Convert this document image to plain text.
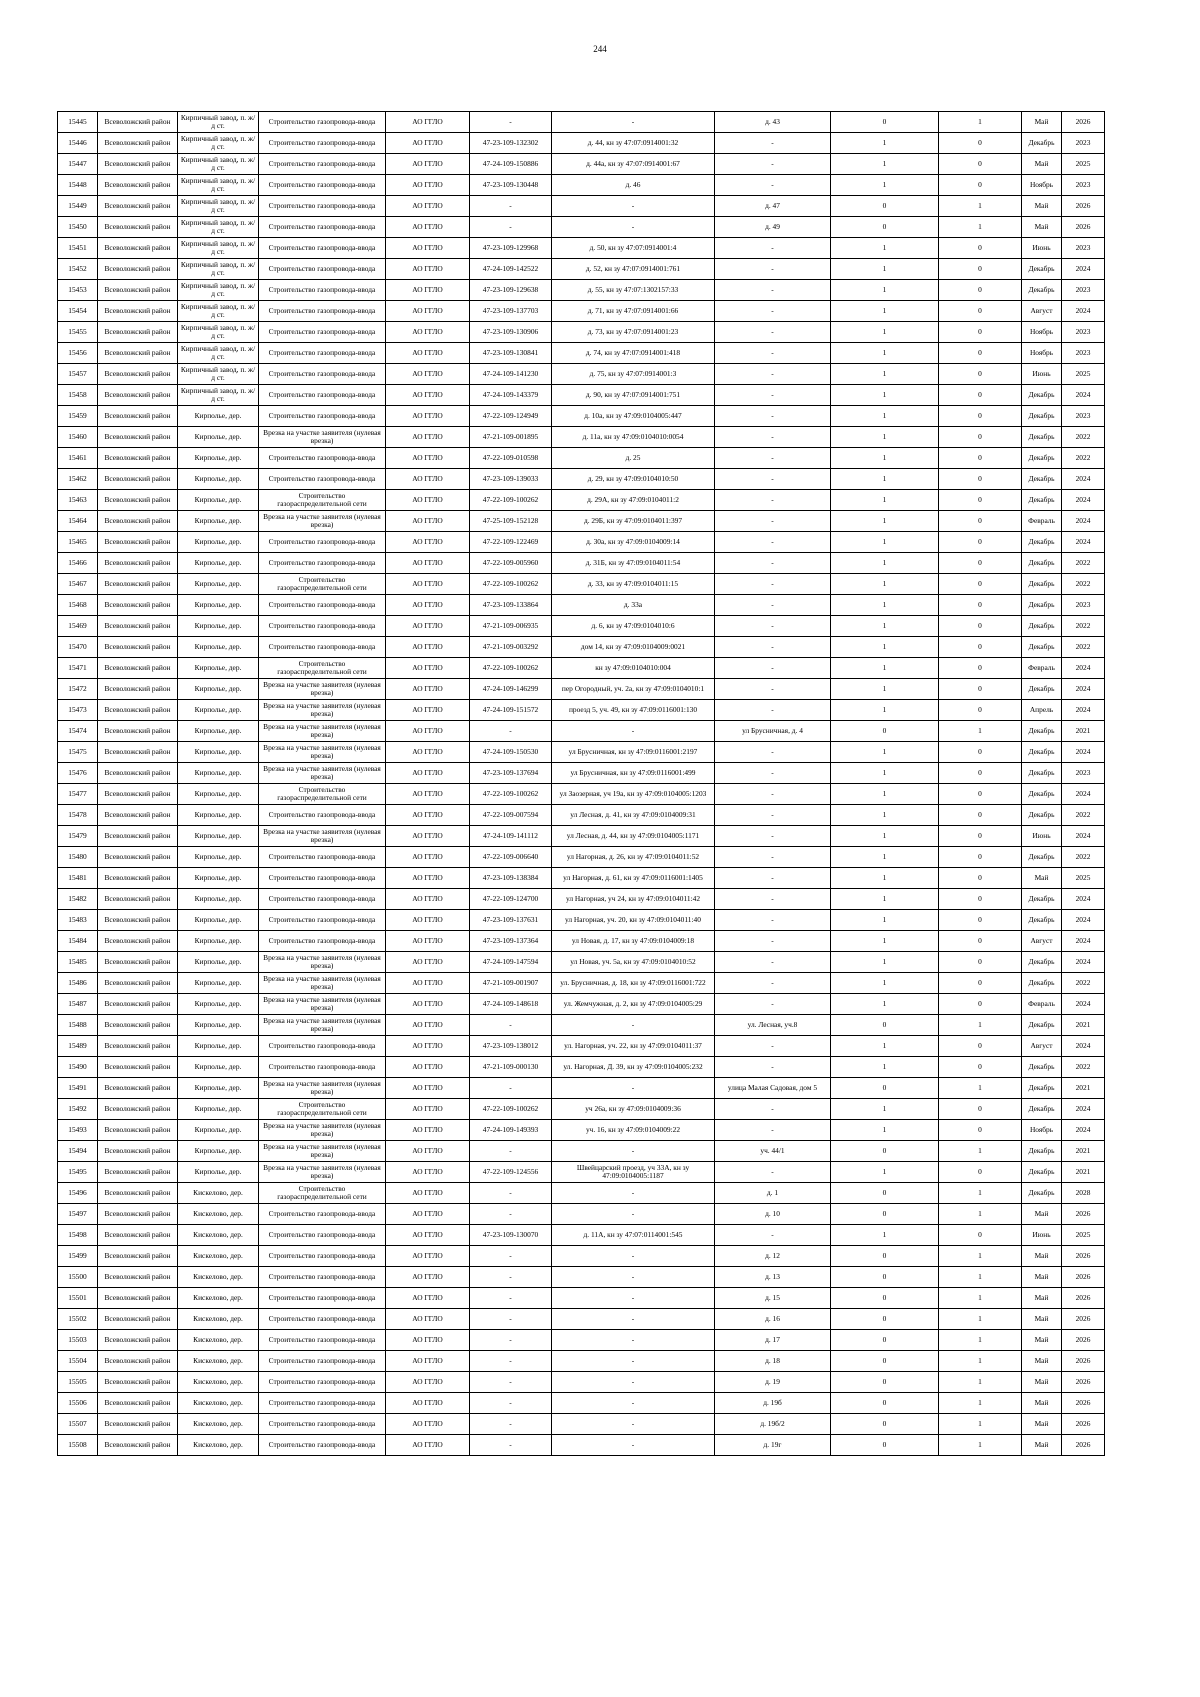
244
15445	Всеволожский район	Кирпичный завод, п. ж/д ст.	Строительство газопровода-ввода	АО ГГЛО	-	-	д. 43	0	1	Май	2026
15446	Всеволожский район	Кирпичный завод, п. ж/д ст.	Строительство газопровода-ввода	АО ГГЛО	47-23-109-132302	д. 44, кн зу 47:07:0914001:32	-	1	0	Декабрь	2023
15447	Всеволожский район	Кирпичный завод, п. ж/д ст.	Строительство газопровода-ввода	АО ГГЛО	47-24-109-150886	д. 44а, кн зу 47:07:0914001:67	-	1	0	Май	2025
15448	Всеволожский район	Кирпичный завод, п. ж/д ст.	Строительство газопровода-ввода	АО ГГЛО	47-23-109-130448	д. 46	-	1	0	Ноябрь	2023
15449	Всеволожский район	Кирпичный завод, п. ж/д ст.	Строительство газопровода-ввода	АО ГГЛО	-	-	д. 47	0	1	Май	2026
15450	Всеволожский район	Кирпичный завод, п. ж/д ст.	Строительство газопровода-ввода	АО ГГЛО	-	-	д. 49	0	1	Май	2026
15451	Всеволожский район	Кирпичный завод, п. ж/д ст.	Строительство газопровода-ввода	АО ГГЛО	47-23-109-129968	д. 50, кн зу 47:07:0914001:4	-	1	0	Июнь	2023
15452	Всеволожский район	Кирпичный завод, п. ж/д ст.	Строительство газопровода-ввода	АО ГГЛО	47-24-109-142522	д. 52, кн зу 47:07:0914001:761	-	1	0	Декабрь	2024
15453	Всеволожский район	Кирпичный завод, п. ж/д ст.	Строительство газопровода-ввода	АО ГГЛО	47-23-109-129638	д. 55, кн зу 47:07:1302157:33	-	1	0	Декабрь	2023
15454	Всеволожский район	Кирпичный завод, п. ж/д ст.	Строительство газопровода-ввода	АО ГГЛО	47-23-109-137703	д. 71, кн зу 47:07:0914001:66	-	1	0	Август	2024
15455	Всеволожский район	Кирпичный завод, п. ж/д ст.	Строительство газопровода-ввода	АО ГГЛО	47-23-109-130906	д. 73, кн зу 47:07:0914001:23	-	1	0	Ноябрь	2023
15456	Всеволожский район	Кирпичный завод, п. ж/д ст.	Строительство газопровода-ввода	АО ГГЛО	47-23-109-130841	д. 74, кн зу 47:07:0914001:418	-	1	0	Ноябрь	2023
15457	Всеволожский район	Кирпичный завод, п. ж/д ст.	Строительство газопровода-ввода	АО ГГЛО	47-24-109-141230	д. 75, кн зу 47:07:0914001:3	-	1	0	Июнь	2025
15458	Всеволожский район	Кирпичный завод, п. ж/д ст.	Строительство газопровода-ввода	АО ГГЛО	47-24-109-143379	д. 90, кн зу 47:07:0914001:751	-	1	0	Декабрь	2024
15459	Всеволожский район	Кирполье, дер.	Строительство газопровода-ввода	АО ГГЛО	47-22-109-124949	д. 10а, кн зу 47:09:0104005:447	-	1	0	Декабрь	2023
15460	Всеволожский район	Кирполье, дер.	Врезка на участке заявителя (нулевая врезка)	АО ГГЛО	47-21-109-001895	д. 11а, кн зу 47:09:0104010:0054	-	1	0	Декабрь	2022
15461	Всеволожский район	Кирполье, дер.	Строительство газопровода-ввода	АО ГГЛО	47-22-109-010598	д. 25	-	1	0	Декабрь	2022
15462	Всеволожский район	Кирполье, дер.	Строительство газопровода-ввода	АО ГГЛО	47-23-109-139033	д. 29, кн зу 47:09:0104010:50	-	1	0	Декабрь	2024
15463	Всеволожский район	Кирполье, дер.	Строительство газораспределительной сети	АО ГГЛО	47-22-109-100262	д. 29А, кн зу 47:09:0104011:2	-	1	0	Декабрь	2024
15464	Всеволожский район	Кирполье, дер.	Врезка на участке заявителя (нулевая врезка)	АО ГГЛО	47-25-109-152128	д. 29Б, кн зу 47:09:0104011:397	-	1	0	Февраль	2024
15465	Всеволожский район	Кирполье, дер.	Строительство газопровода-ввода	АО ГГЛО	47-22-109-122469	д. 30а, кн зу 47:09:0104009:14	-	1	0	Декабрь	2024
15466	Всеволожский район	Кирполье, дер.	Строительство газопровода-ввода	АО ГГЛО	47-22-109-005960	д. 31Б, кн зу 47:09:0104011:54	-	1	0	Декабрь	2022
15467	Всеволожский район	Кирполье, дер.	Строительство газораспределительной сети	АО ГГЛО	47-22-109-100262	д. 33, кн зу 47:09:0104011:15	-	1	0	Декабрь	2022
15468	Всеволожский район	Кирполье, дер.	Строительство газопровода-ввода	АО ГГЛО	47-23-109-133864	д. 33а	-	1	0	Декабрь	2023
15469	Всеволожский район	Кирполье, дер.	Строительство газопровода-ввода	АО ГГЛО	47-21-109-006935	д. 6, кн зу 47:09:0104010:6	-	1	0	Декабрь	2022
15470	Всеволожский район	Кирполье, дер.	Строительство газопровода-ввода	АО ГГЛО	47-21-109-003292	дом 14, кн зу 47:09:0104009:0021	-	1	0	Декабрь	2022
15471	Всеволожский район	Кирполье, дер.	Строительство газораспределительной сети	АО ГГЛО	47-22-109-100262	кн зу 47:09:0104010:004	-	1	0	Февраль	2024
15472	Всеволожский район	Кирполье, дер.	Врезка на участке заявителя (нулевая врезка)	АО ГГЛО	47-24-109-146299	пер Огородный, уч. 2а, кн зу 47:09:0104010:1	-	1	0	Декабрь	2024
15473	Всеволожский район	Кирполье, дер.	Врезка на участке заявителя (нулевая врезка)	АО ГГЛО	47-24-109-151572	проезд 5, уч. 49, кн зу 47:09:0116001:130	-	1	0	Апрель	2024
15474	Всеволожский район	Кирполье, дер.	Врезка на участке заявителя (нулевая врезка)	АО ГГЛО	-	-	ул Брусничная, д. 4	0	1	Декабрь	2021
15475	Всеволожский район	Кирполье, дер.	Врезка на участке заявителя (нулевая врезка)	АО ГГЛО	47-24-109-150530	ул Брусничная, кн зу 47:09:0116001:2197	-	1	0	Декабрь	2024
15476	Всеволожский район	Кирполье, дер.	Врезка на участке заявителя (нулевая врезка)	АО ГГЛО	47-23-109-137694	ул Брусничная, кн зу 47:09:0116001:499	-	1	0	Декабрь	2023
15477	Всеволожский район	Кирполье, дер.	Строительство газораспределительной сети	АО ГГЛО	47-22-109-100262	ул Заозерная, уч 19а, кн зу 47:09:0104005:1203	-	1	0	Декабрь	2024
15478	Всеволожский район	Кирполье, дер.	Строительство газопровода-ввода	АО ГГЛО	47-22-109-007594	ул Лесная, д. 41, кн зу 47:09:0104009:31	-	1	0	Декабрь	2022
15479	Всеволожский район	Кирполье, дер.	Врезка на участке заявителя (нулевая врезка)	АО ГГЛО	47-24-109-141112	ул Лесная, д. 44, кн зу 47:09:0104005:1171	-	1	0	Июнь	2024
15480	Всеволожский район	Кирполье, дер.	Строительство газопровода-ввода	АО ГГЛО	47-22-109-006640	ул Нагорная, д. 26, кн зу 47:09:0104011:52	-	1	0	Декабрь	2022
15481	Всеволожский район	Кирполье, дер.	Строительство газопровода-ввода	АО ГГЛО	47-23-109-138384	ул Нагорная, д. 61, кн зу 47:09:0116001:1405	-	1	0	Май	2025
15482	Всеволожский район	Кирполье, дер.	Строительство газопровода-ввода	АО ГГЛО	47-22-109-124700	ул Нагорная, уч 24, кн зу 47:09:0104011:42	-	1	0	Декабрь	2024
15483	Всеволожский район	Кирполье, дер.	Строительство газопровода-ввода	АО ГГЛО	47-23-109-137631	ул Нагорная, уч. 20, кн зу 47:09:0104011:40	-	1	0	Декабрь	2024
15484	Всеволожский район	Кирполье, дер.	Строительство газопровода-ввода	АО ГГЛО	47-23-109-137364	ул Новая, д. 17, кн зу 47:09:0104009:18	-	1	0	Август	2024
15485	Всеволожский район	Кирполье, дер.	Врезка на участке заявителя (нулевая врезка)	АО ГГЛО	47-24-109-147594	ул Новая, уч. 5а, кн зу 47:09:0104010:52	-	1	0	Декабрь	2024
15486	Всеволожский район	Кирполье, дер.	Врезка на участке заявителя (нулевая врезка)	АО ГГЛО	47-21-109-001907	ул. Брусничная, д. 18, кн зу 47:09:0116001:722	-	1	0	Декабрь	2022
15487	Всеволожский район	Кирполье, дер.	Врезка на участке заявителя (нулевая врезка)	АО ГГЛО	47-24-109-148618	ул. Жемчужная, д. 2, кн зу 47:09:0104005:29	-	1	0	Февраль	2024
15488	Всеволожский район	Кирполье, дер.	Врезка на участке заявителя (нулевая врезка)	АО ГГЛО	-	-	ул. Лесная, уч.8	0	1	Декабрь	2021
15489	Всеволожский район	Кирполье, дер.	Строительство газопровода-ввода	АО ГГЛО	47-23-109-138012	ул. Нагорная, уч. 22, кн зу 47:09:0104011:37	-	1	0	Август	2024
15490	Всеволожский район	Кирполье, дер.	Строительство газопровода-ввода	АО ГГЛО	47-21-109-000130	ул. Нагорная, Д. 39, кн зу 47:09:0104005:232	-	1	0	Декабрь	2022
15491	Всеволожский район	Кирполье, дер.	Врезка на участке заявителя (нулевая врезка)	АО ГГЛО	-	-	улица Малая Садовая, дом 5	0	1	Декабрь	2021
15492	Всеволожский район	Кирполье, дер.	Строительство газораспределительной сети	АО ГГЛО	47-22-109-100262	уч 26а, кн зу 47:09:0104009:36	-	1	0	Декабрь	2024
15493	Всеволожский район	Кирполье, дер.	Врезка на участке заявителя (нулевая врезка)	АО ГГЛО	47-24-109-149393	уч. 16, кн зу 47:09:0104009:22	-	1	0	Ноябрь	2024
15494	Всеволожский район	Кирполье, дер.	Врезка на участке заявителя (нулевая врезка)	АО ГГЛО	-	-	уч. 44/1	0	1	Декабрь	2021
15495	Всеволожский район	Кирполье, дер.	Врезка на участке заявителя (нулевая врезка)	АО ГГЛО	47-22-109-124556	Швейцарский проезд, уч 33А, кн зу 47:09:0104005:1187	-	1	0	Декабрь	2021
15496	Всеволожский район	Кискелово, дер.	Строительство газораспределительной сети	АО ГГЛО	-	-	д. 1	0	1	Декабрь	2028
15497	Всеволожский район	Кискелово, дер.	Строительство газопровода-ввода	АО ГГЛО	-	-	д. 10	0	1	Май	2026
15498	Всеволожский район	Кискелово, дер.	Строительство газопровода-ввода	АО ГГЛО	47-23-109-130070	д. 11А, кн зу 47:07:0114001:545	-	1	0	Июнь	2025
15499	Всеволожский район	Кискелово, дер.	Строительство газопровода-ввода	АО ГГЛО	-	-	д. 12	0	1	Май	2026
15500	Всеволожский район	Кискелово, дер.	Строительство газопровода-ввода	АО ГГЛО	-	-	д. 13	0	1	Май	2026
15501	Всеволожский район	Кискелово, дер.	Строительство газопровода-ввода	АО ГГЛО	-	-	д. 15	0	1	Май	2026
15502	Всеволожский район	Кискелово, дер.	Строительство газопровода-ввода	АО ГГЛО	-	-	д. 16	0	1	Май	2026
15503	Всеволожский район	Кискелово, дер.	Строительство газопровода-ввода	АО ГГЛО	-	-	д. 17	0	1	Май	2026
15504	Всеволожский район	Кискелово, дер.	Строительство газопровода-ввода	АО ГГЛО	-	-	д. 18	0	1	Май	2026
15505	Всеволожский район	Кискелово, дер.	Строительство газопровода-ввода	АО ГГЛО	-	-	д. 19	0	1	Май	2026
15506	Всеволожский район	Кискелово, дер.	Строительство газопровода-ввода	АО ГГЛО	-	-	д. 19б	0	1	Май	2026
15507	Всеволожский район	Кискелово, дер.	Строительство газопровода-ввода	АО ГГЛО	-	-	д. 19б/2	0	1	Май	2026
15508	Всеволожский район	Кискелово, дер.	Строительство газопровода-ввода	АО ГГЛО	-	-	д. 19г	0	1	Май	2026
